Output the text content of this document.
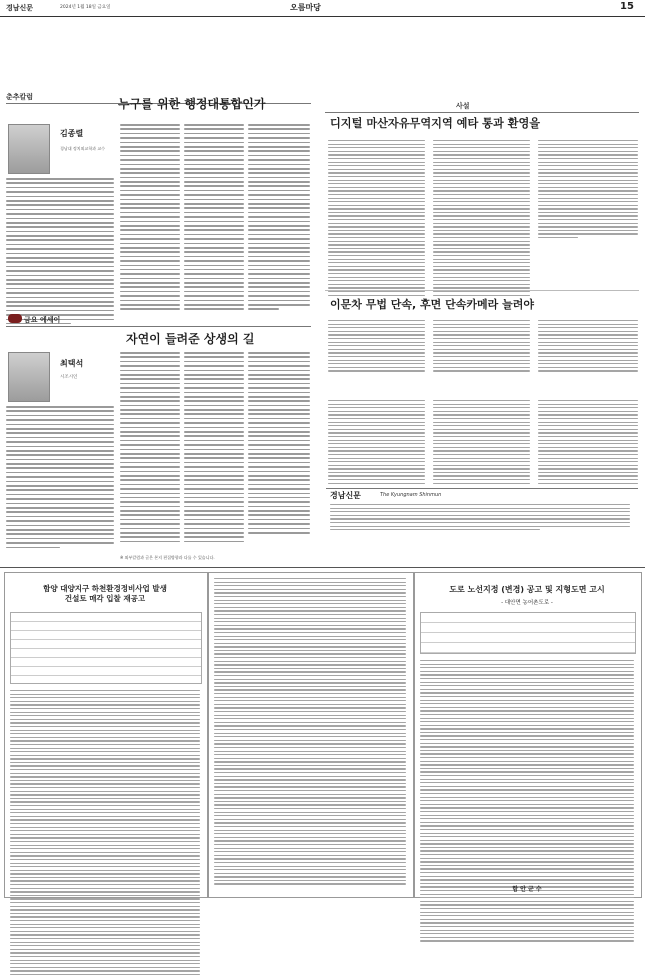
경남신문	2024년 1월 18일 금요일	오름마당	15
춘추칼럼	누구를 위한 행정대통합인가
김종렬
경남대 정치외교학과 교수
사설
디지털 마산자유무역지역 예타 통과 환영을
이문차 무법 단속, 후면 단속카메라 늘려야
경남신문	The Kyungnam Shinmun
금요 에세이
자연이 들려준 상생의 길
최택석
시조시인
※ 외부칼럼과 글은 본지 편집방향과 다를 수 있습니다.
함양 대양지구 하천환경정비사업 발생
건설토 매각 입찰 재공고
도로 노선지정 (변경) 공고 및 지형도면 고시
- 대안면 농어촌도로 -
함 안 군 수
